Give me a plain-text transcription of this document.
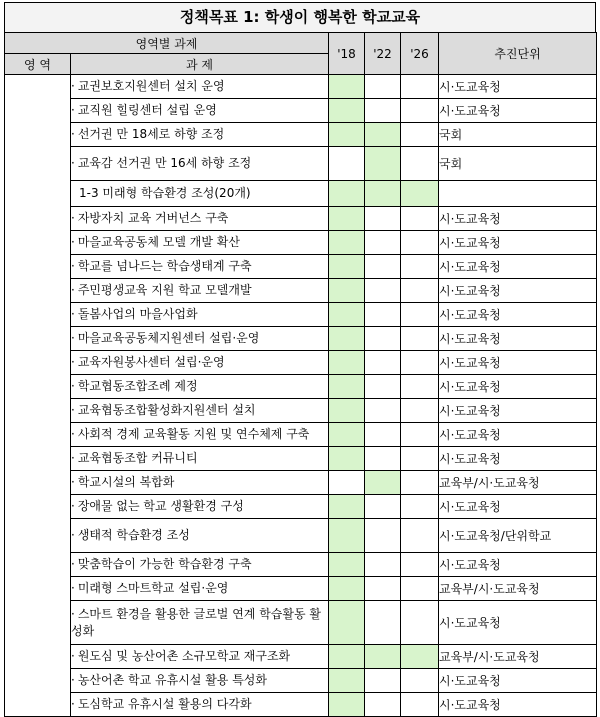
정책목표 1: 학생이 행복한 학교교육
영역별 과제		'18	'22	'26	추진단위
영 역	과 제				
	· 교권보호지원센터 설치 운영				시·도교육청
	· 교직원 힐링센터 설립 운영				시·도교육청
	· 선거권 만 18세로 하향 조정				국회
	· 교육감 선거권 만 16세 하향 조정				국회
	1-3 미래형 학습환경 조성(20개)				
	· 자방자치 교육 거버넌스 구축				시·도교육청
	· 마을교육공동체 모델 개발 확산				시·도교육청
	· 학교를 넘나드는 학습생태계 구축				시·도교육청
	· 주민평생교육 지원 학교 모델개발				시·도교육청
	· 돌봄사업의 마을사업화				시·도교육청
	· 마을교육공동체지원센터 설립·운영				시·도교육청
	· 교육자원봉사센터 설립·운영				시·도교육청
	· 학교협동조합조례 제정				시·도교육청
	· 교육협동조합활성화지원센터 설치				시·도교육청
	· 사회적 경제 교육활동 지원 및 연수체제 구축				시·도교육청
	· 교육협동조합 커뮤니티				시·도교육청
	· 학교시설의 복합화				교육부/시·도교육청
	· 장애물 없는 학교 생활환경 구성				시·도교육청
	· 생태적 학습환경 조성				시·도교육청/단위학교
	· 맞춤학습이 가능한 학습환경 구축				시·도교육청
	· 미래형 스마트학교 설립·운영				교육부/시·도교육청
	· 스마트 환경을 활용한 글로벌 연계 학습활동 활성화				시·도교육청
	· 원도심 및 농산어촌 소규모학교 재구조화				교육부/시·도교육청
	· 농산어촌 학교 유휴시설 활용 특성화				시·도교육청
	· 도심학교 유휴시설 활용의 다각화				시·도교육청
